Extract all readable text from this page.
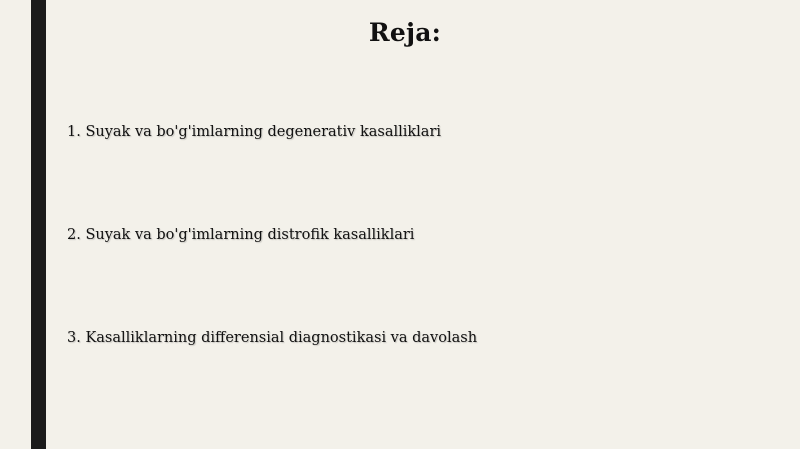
Reja:
1. Suyak va bo'g'imlarning degenerativ kasalliklari
2. Suyak va bo'g'imlarning distrofik kasalliklari
3. Kasalliklarning differensial diagnostikasi va davolash
